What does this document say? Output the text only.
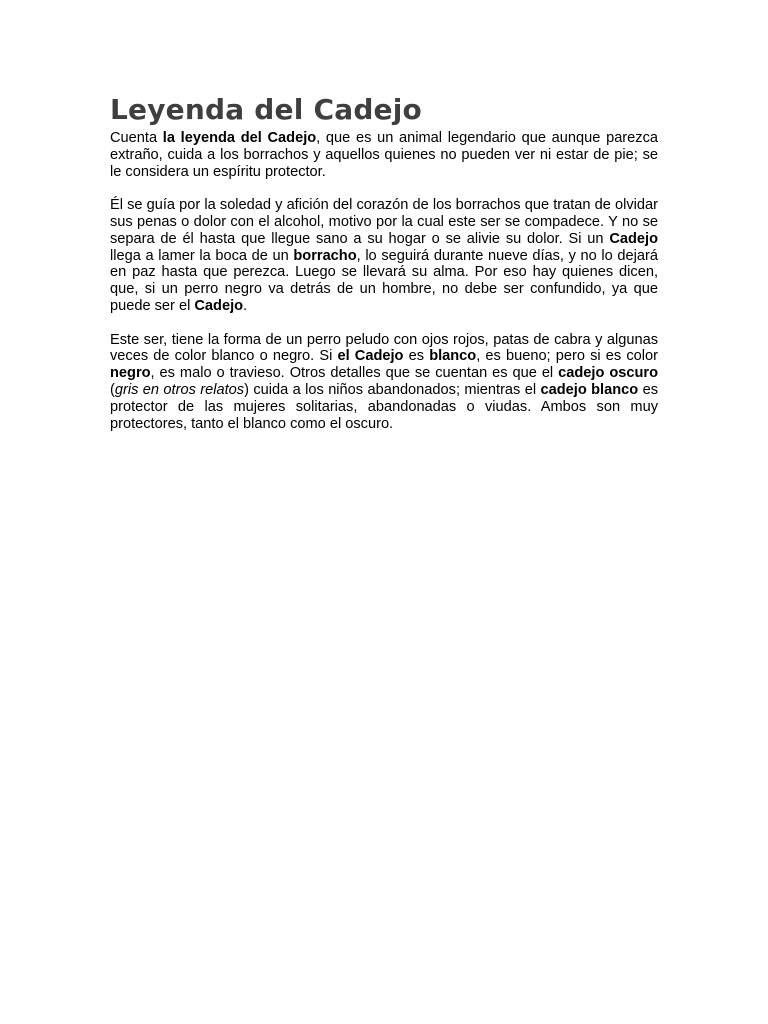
Leyenda del Cadejo

Cuenta la leyenda del Cadejo, que es un animal legendario que aunque parezca extraño, cuida a los borrachos y aquellos quienes no pueden ver ni estar de pie; se le considera un espíritu protector.

Él se guía por la soledad y afición del corazón de los borrachos que tratan de olvidar sus penas o dolor con el alcohol, motivo por la cual este ser se compadece. Y no se separa de él hasta que llegue sano a su hogar o se alivie su dolor. Si un Cadejo llega a lamer la boca de un borracho, lo seguirá durante nueve días, y no lo dejará en paz hasta que perezca. Luego se llevará su alma. Por eso hay quienes dicen, que, si un perro negro va detrás de un hombre, no debe ser confundido, ya que puede ser el Cadejo.

Este ser, tiene la forma de un perro peludo con ojos rojos, patas de cabra y algunas veces de color blanco o negro. Si el Cadejo es blanco, es bueno; pero si es color negro, es malo o travieso. Otros detalles que se cuentan es que el cadejo oscuro (gris en otros relatos) cuida a los niños abandonados; mientras el cadejo blanco es protector de las mujeres solitarias, abandonadas o viudas. Ambos son muy protectores, tanto el blanco como el oscuro.
